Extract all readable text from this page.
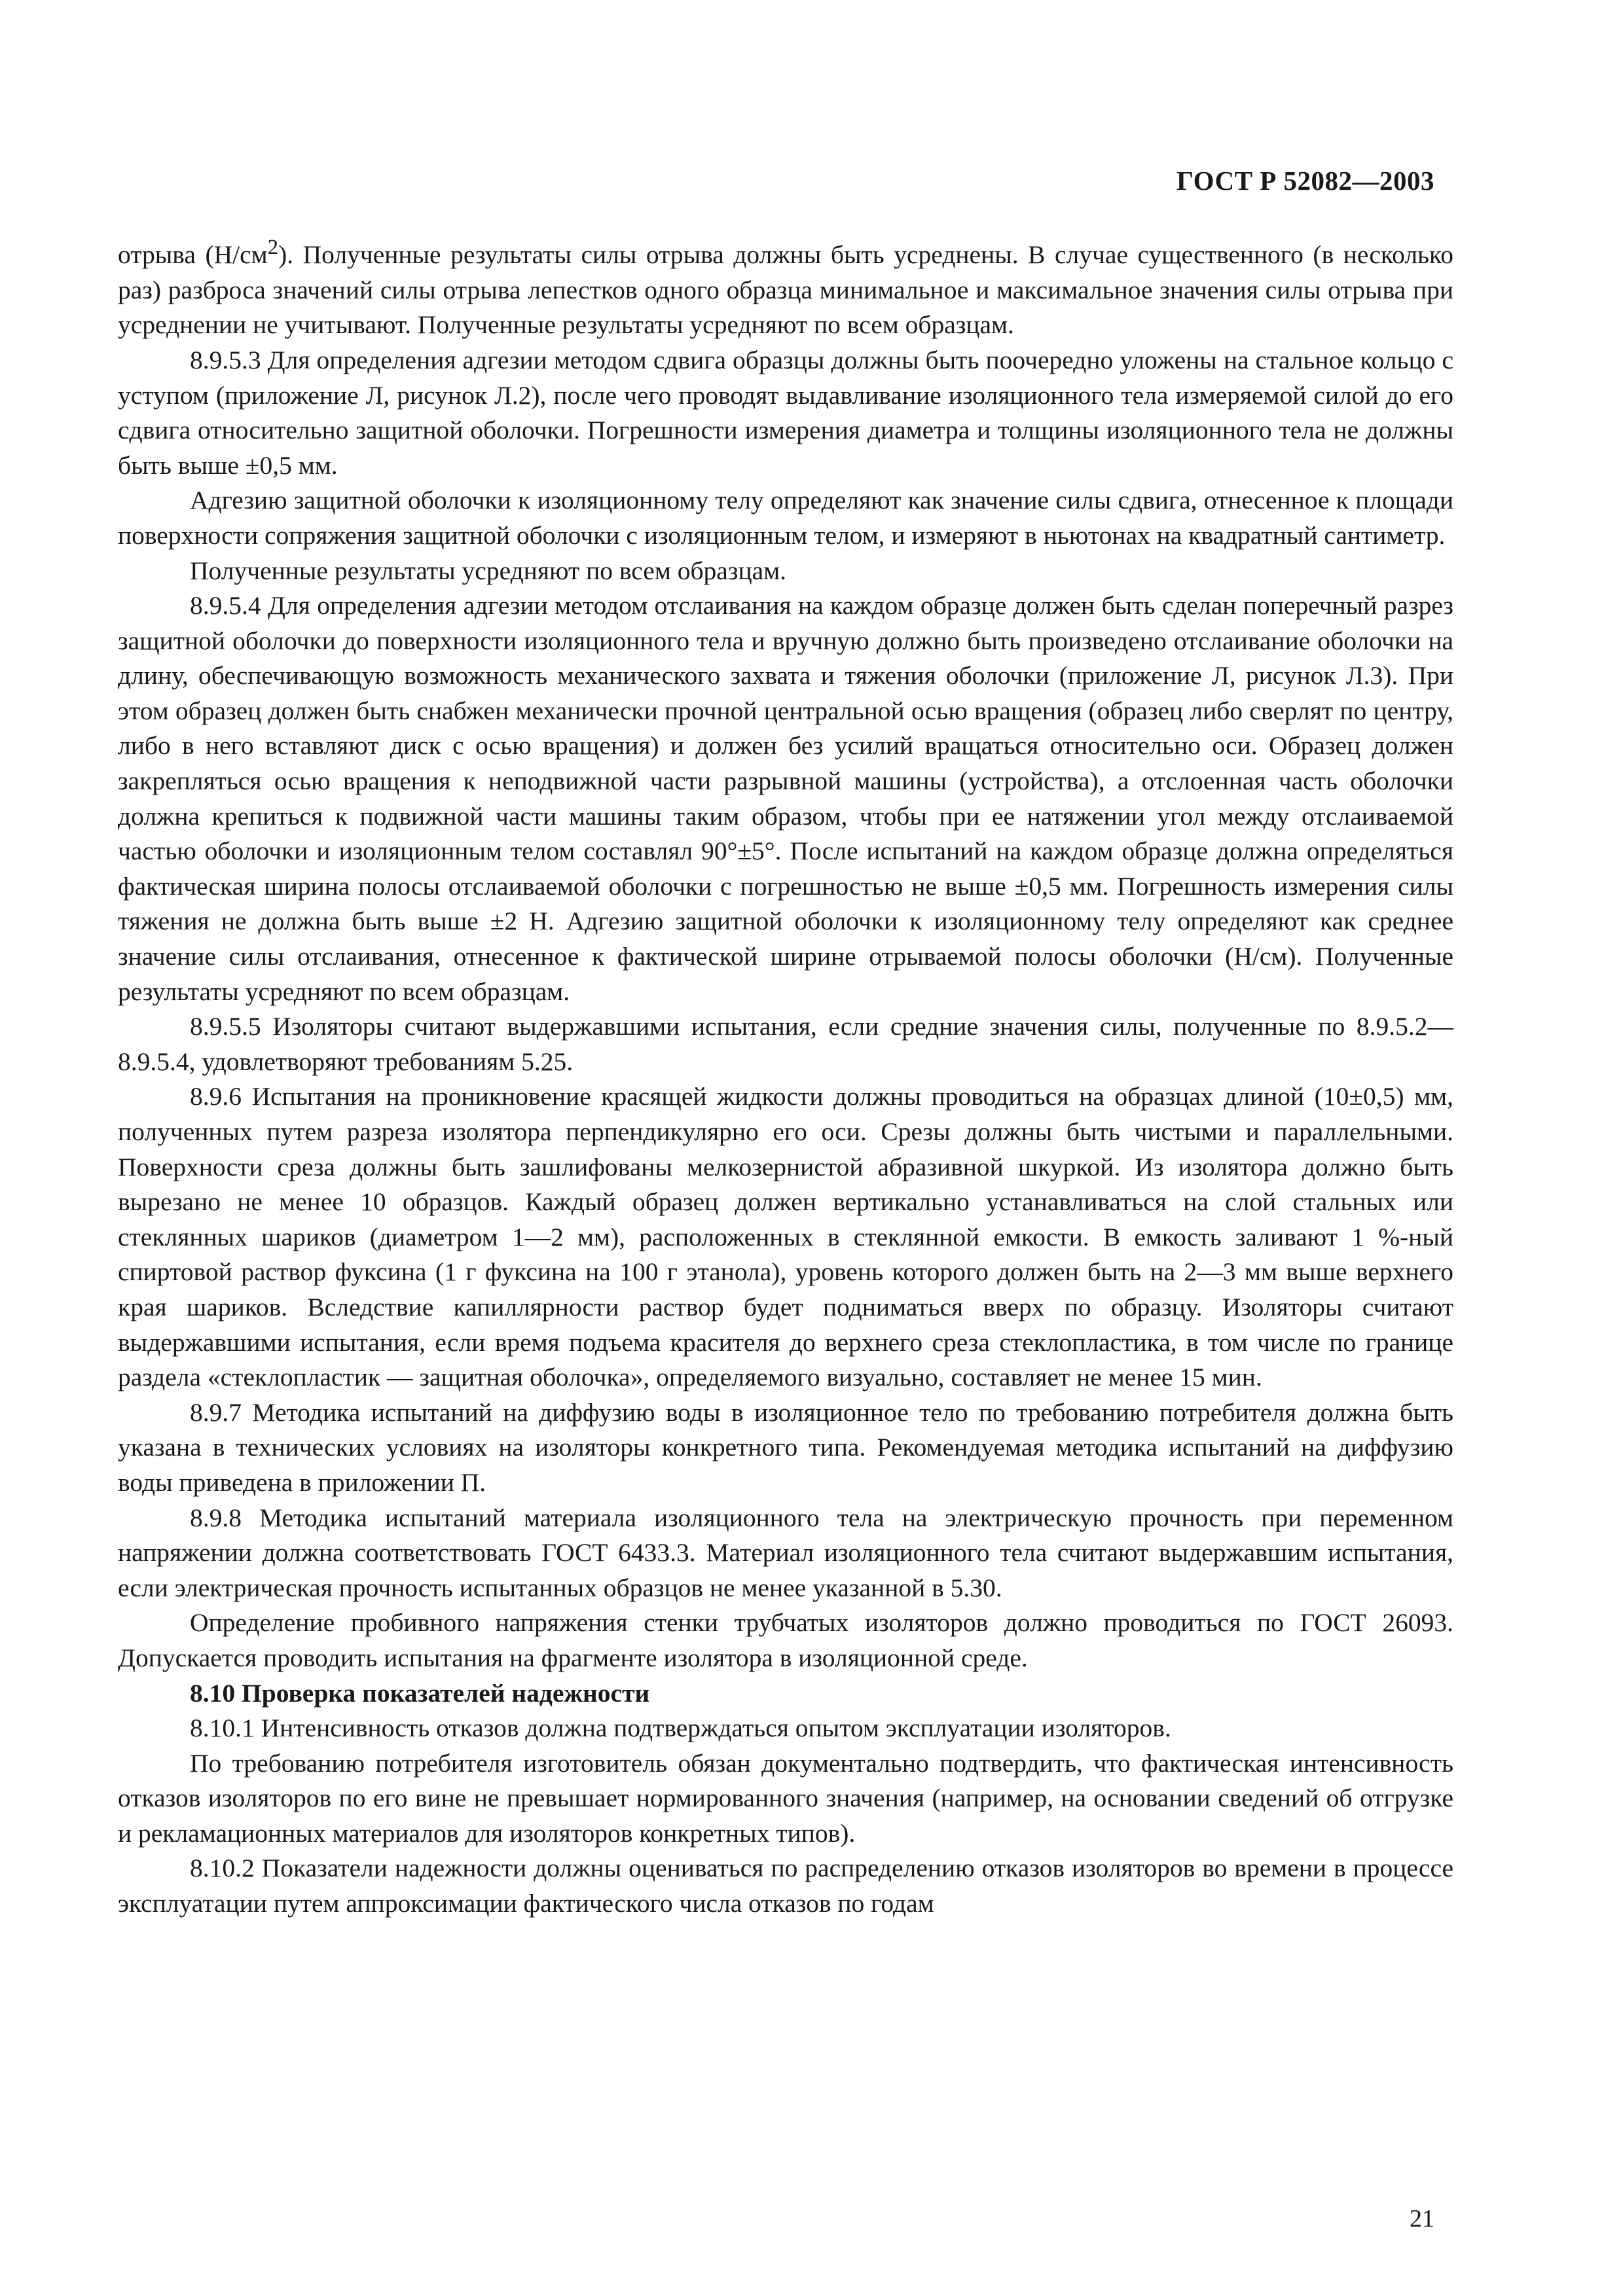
ГОСТ Р 52082—2003

отрыва $(Н/см^2)$. Полученные результаты силы отрыва должны быть усреднены. В случае существенного (в несколько раз) разброса значений силы отрыва лепестков одного образца минимальное и максимальное значения силы отрыва при усреднении не учитывают. Полученные результаты усредняют по всем образцам.

8.9.5.3 Для определения адгезии методом сдвига образцы должны быть поочередно уложены на стальное кольцо с уступом (приложение Л, рисунок Л.2), после чего проводят выдавливание изоляционного тела измеряемой силой до его сдвига относительно защитной оболочки. Погрешности измерения диаметра и толщины изоляционного тела не должны быть выше ±0,5 мм.

Адгезию защитной оболочки к изоляционному телу определяют как значение силы сдвига, отнесенное к площади поверхности сопряжения защитной оболочки с изоляционным телом, и измеряют в ньютонах на квадратный сантиметр.

Полученные результаты усредняют по всем образцам.

8.9.5.4 Для определения адгезии методом отслаивания на каждом образце должен быть сделан поперечный разрез защитной оболочки до поверхности изоляционного тела и вручную должно быть произведено отслаивание оболочки на длину, обеспечивающую возможность механического захвата и тяжения оболочки (приложение Л, рисунок Л.3). При этом образец должен быть снабжен механически прочной центральной осью вращения (образец либо сверлят по центру, либо в него вставляют диск с осью вращения) и должен без усилий вращаться относительно оси. Образец должен закрепляться осью вращения к неподвижной части разрывной машины (устройства), а отслоенная часть оболочки должна крепиться к подвижной части машины таким образом, чтобы при ее натяжении угол между отслаиваемой частью оболочки и изоляционным телом составлял 90°±5°. После испытаний на каждом образце должна определяться фактическая ширина полосы отслаиваемой оболочки с погрешностью не выше ±0,5 мм. Погрешность измерения силы тяжения не должна быть выше ±2 Н. Адгезию защитной оболочки к изоляционному телу определяют как среднее значение силы отслаивания, отнесенное к фактической ширине отрываемой полосы оболочки (Н/см). Полученные результаты усредняют по всем образцам.

8.9.5.5 Изоляторы считают выдержавшими испытания, если средние значения силы, полученные по 8.9.5.2—8.9.5.4, удовлетворяют требованиям 5.25.

8.9.6 Испытания на проникновение красящей жидкости должны проводиться на образцах длиной (10±0,5) мм, полученных путем разреза изолятора перпендикулярно его оси. Срезы должны быть чистыми и параллельными. Поверхности среза должны быть зашлифованы мелкозернистой абразивной шкуркой. Из изолятора должно быть вырезано не менее 10 образцов. Каждый образец должен вертикально устанавливаться на слой стальных или стеклянных шариков (диаметром 1—2 мм), расположенных в стеклянной емкости. В емкость заливают 1 %-ный спиртовой раствор фуксина (1 г фуксина на 100 г этанола), уровень которого должен быть на 2—3 мм выше верхнего края шариков. Вследствие капиллярности раствор будет подниматься вверх по образцу. Изоляторы считают выдержавшими испытания, если время подъема красителя до верхнего среза стеклопластика, в том числе по границе раздела «стеклопластик — защитная оболочка», определяемого визуально, составляет не менее 15 мин.

8.9.7 Методика испытаний на диффузию воды в изоляционное тело по требованию потребителя должна быть указана в технических условиях на изоляторы конкретного типа. Рекомендуемая методика испытаний на диффузию воды приведена в приложении П.

8.9.8 Методика испытаний материала изоляционного тела на электрическую прочность при переменном напряжении должна соответствовать ГОСТ 6433.3. Материал изоляционного тела считают выдержавшим испытания, если электрическая прочность испытанных образцов не менее указанной в 5.30.

Определение пробивного напряжения стенки трубчатых изоляторов должно проводиться по ГОСТ 26093. Допускается проводить испытания на фрагменте изолятора в изоляционной среде.

8.10 Проверка показателей надежности

8.10.1 Интенсивность отказов должна подтверждаться опытом эксплуатации изоляторов.

По требованию потребителя изготовитель обязан документально подтвердить, что фактическая интенсивность отказов изоляторов по его вине не превышает нормированного значения (например, на основании сведений об отгрузке и рекламационных материалов для изоляторов конкретных типов).

8.10.2 Показатели надежности должны оцениваться по распределению отказов изоляторов во времени в процессе эксплуатации путем аппроксимации фактического числа отказов по годам

21
